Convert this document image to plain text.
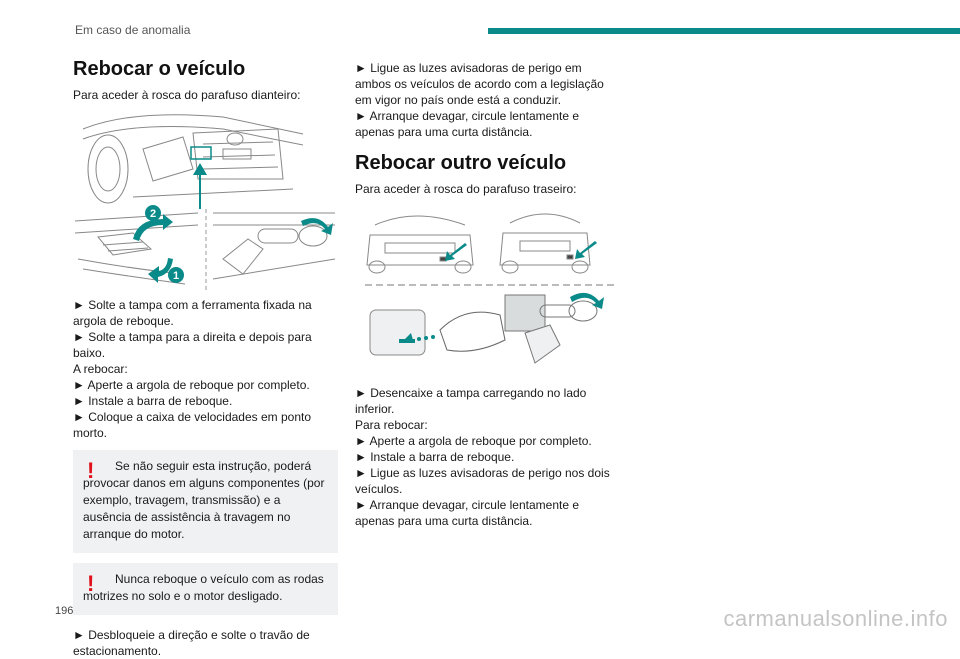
Em caso de anomalia
Rebocar o veículo

Para aceder à rosca do parafuso dianteiro:

2
1

► Solte a tampa com a ferramenta fixada na argola de reboque.

► Solte a tampa para a direita e depois para baixo.

A rebocar:

► Aperte a argola de reboque por completo.

► Instale a barra de reboque.

► Coloque a caixa de velocidades em ponto morto.

!	Se não seguir esta instrução, poderá provocar danos em alguns componentes (por exemplo, travagem, transmissão) e a ausência de assistência à travagem no arranque do motor.
!	Nunca reboque o veículo com as rodas motrizes no solo e o motor desligado.

► Desbloqueie a direção e solte o travão de estacionamento.

► Ligue as luzes avisadoras de perigo em ambos os veículos de acordo com a legislação em vigor no país onde está a conduzir.

► Arranque devagar, circule lentamente e apenas para uma curta distância.

Rebocar outro veículo

Para aceder à rosca do parafuso traseiro:

► Desencaixe a tampa carregando no lado inferior.

Para rebocar:

► Aperte a argola de reboque por completo.

► Instale a barra de reboque.

► Ligue as luzes avisadoras de perigo nos dois veículos.

► Arranque devagar, circule lentamente e apenas para uma curta distância.

196	carmanualsonline.info
